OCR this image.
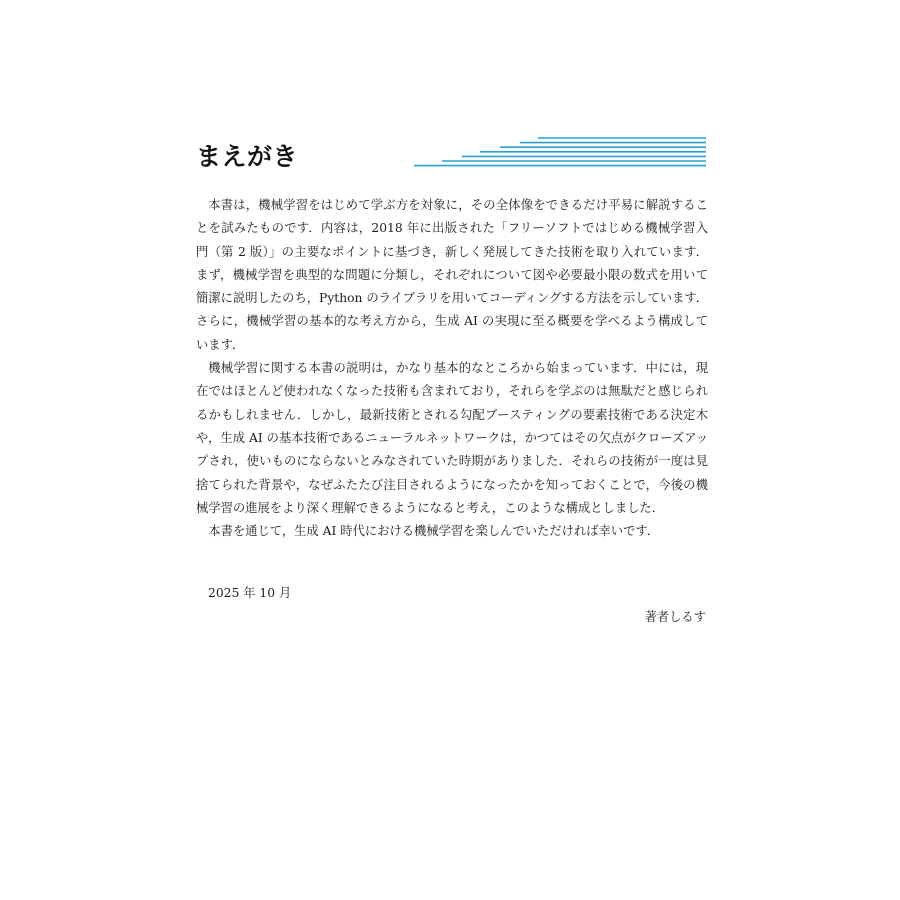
まえがき

本書は，機械学習をはじめて学ぶ方を対象に，その全体像をできるだけ平易に解説することを試みたものです．内容は，2018 年に出版された「フリーソフトではじめる機械学習入門（第 2 版）」の主要なポイントに基づき，新しく発展してきた技術を取り入れています．まず，機械学習を典型的な問題に分類し，それぞれについて図や必要最小限の数式を用いて簡潔に説明したのち，Python のライブラリを用いてコーディングする方法を示しています．さらに，機械学習の基本的な考え方から，生成 AI の実現に至る概要を学べるよう構成しています．

機械学習に関する本書の説明は，かなり基本的なところから始まっています．中には，現在ではほとんど使われなくなった技術も含まれており，それらを学ぶのは無駄だと感じられるかもしれません．しかし，最新技術とされる勾配ブースティングの要素技術である決定木や，生成 AI の基本技術であるニューラルネットワークは，かつてはその欠点がクローズアップされ，使いものにならないとみなされていた時期がありました．それらの技術が一度は見捨てられた背景や，なぜふたたび注目されるようになったかを知っておくことで，今後の機械学習の進展をより深く理解できるようになると考え，このような構成としました．

本書を通じて，生成 AI 時代における機械学習を楽しんでいただければ幸いです．

2025 年 10 月
著者しるす
